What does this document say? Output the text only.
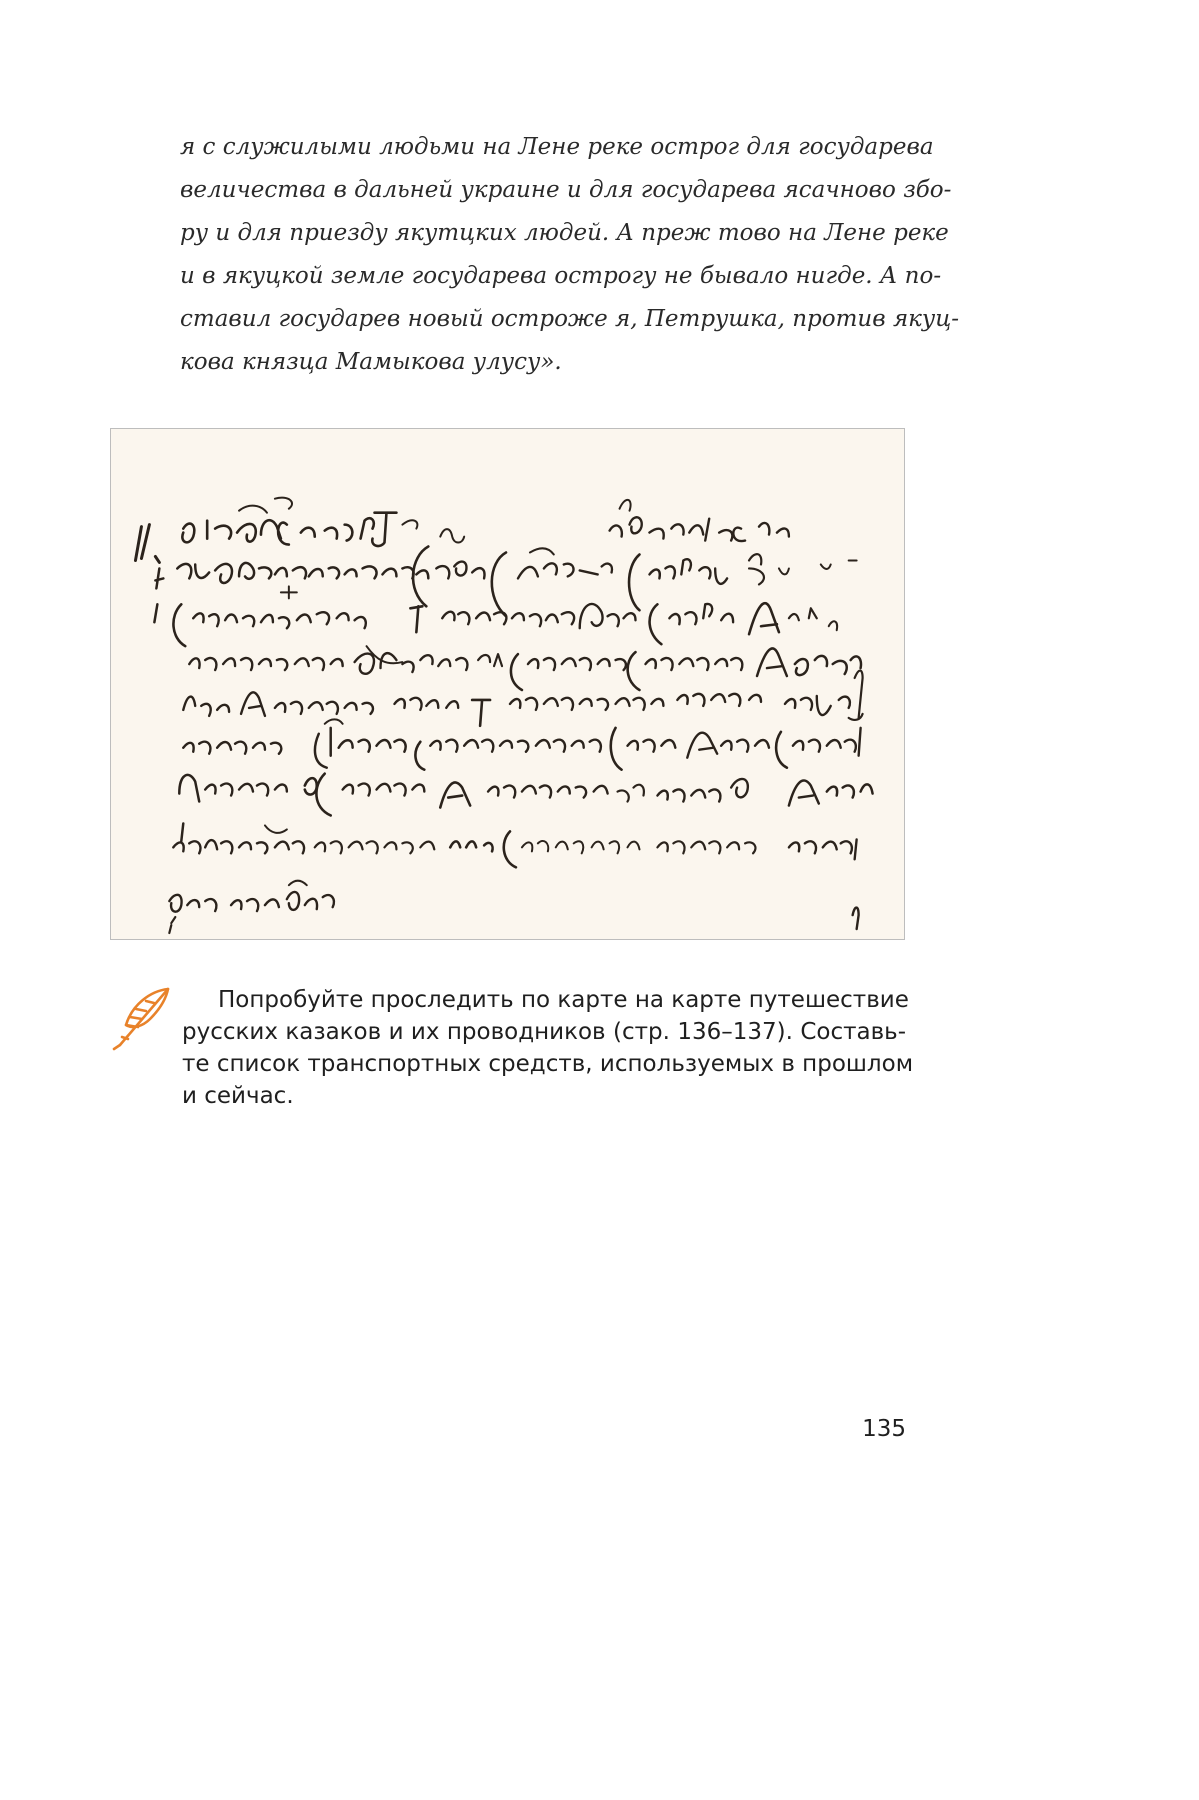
я с служилыми людьми на Лене реке острог для государева
величества в дальней украине и для государева ясачново збо-
ру и для приезду якутцких людей. А преж тово на Лене реке
и в якуцкой земле государева острогу не бывало нигде. А по-
ставил государев новый остроже я, Петрушка, против якуц-
кова князца Мамыкова улусу».

Попробуйте проследить по карте на карте путешествие
русских казаков и их проводников (стр. 136–137). Составь-
те список транспортных средств, используемых в прошлом
и сейчас.

135
